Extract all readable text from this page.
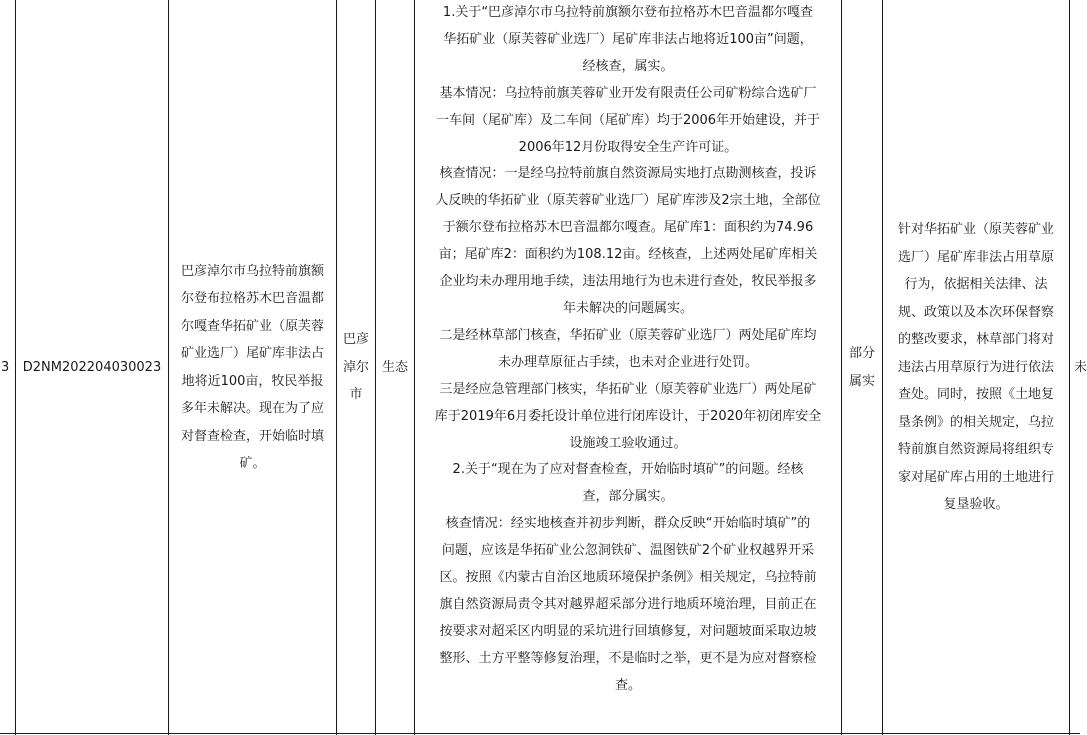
3 D2NM202204030023
巴彦淖尔市乌拉特前旗额
尔登布拉格苏木巴音温都
尔嘎查华拓矿业（原芙蓉
矿业选厂）尾矿库非法占
地将近100亩，牧民举报
多年未解决。现在为了应
对督查检查，开始临时填
矿。
巴彦
淖尔
市
生态
1.关于“巴彦淖尔市乌拉特前旗额尔登布拉格苏木巴音温都尔嘎查
华拓矿业（原芙蓉矿业选厂）尾矿库非法占地将近100亩”问题，
经核查，属实。
基本情况：乌拉特前旗芙蓉矿业开发有限责任公司矿粉综合选矿厂
一车间（尾矿库）及二车间（尾矿库）均于2006年开始建设，并于
2006年12月份取得安全生产许可证。
核查情况：一是经乌拉特前旗自然资源局实地打点勘测核查，投诉
人反映的华拓矿业（原芙蓉矿业选厂）尾矿库涉及2宗土地，全部位
于额尔登布拉格苏木巴音温都尔嘎查。尾矿库1：面积约为74.96
亩；尾矿库2：面积约为108.12亩。经核查，上述两处尾矿库相关
企业均未办理用地手续，违法用地行为也未进行查处，牧民举报多
年未解决的问题属实。
二是经林草部门核查，华拓矿业（原芙蓉矿业选厂）两处尾矿库均
未办理草原征占手续，也未对企业进行处罚。
三是经应急管理部门核实，华拓矿业（原芙蓉矿业选厂）两处尾矿
库于2019年6月委托设计单位进行闭库设计，于2020年初闭库安全
设施竣工验收通过。
2.关于“现在为了应对督查检查，开始临时填矿”的问题。经核
查，部分属实。
核查情况：经实地核查并初步判断，群众反映“开始临时填矿”的
问题，应该是华拓矿业公忽洞铁矿、温图铁矿2个矿业权越界开采
区。按照《内蒙古自治区地质环境保护条例》相关规定，乌拉特前
旗自然资源局责令其对越界超采部分进行地质环境治理，目前正在
按要求对超采区内明显的采坑进行回填修复，对问题坡面采取边坡
整形、土方平整等修复治理，不是临时之举，更不是为应对督察检
查。
部分
属实
针对华拓矿业（原芙蓉矿业
选厂）尾矿库非法占用草原
行为，依据相关法律、法
规、政策以及本次环保督察
的整改要求，林草部门将对
违法占用草原行为进行依法
查处。同时，按照《土地复
垦条例》的相关规定，乌拉
特前旗自然资源局将组织专
家对尾矿库占用的土地进行
复垦验收。
未
